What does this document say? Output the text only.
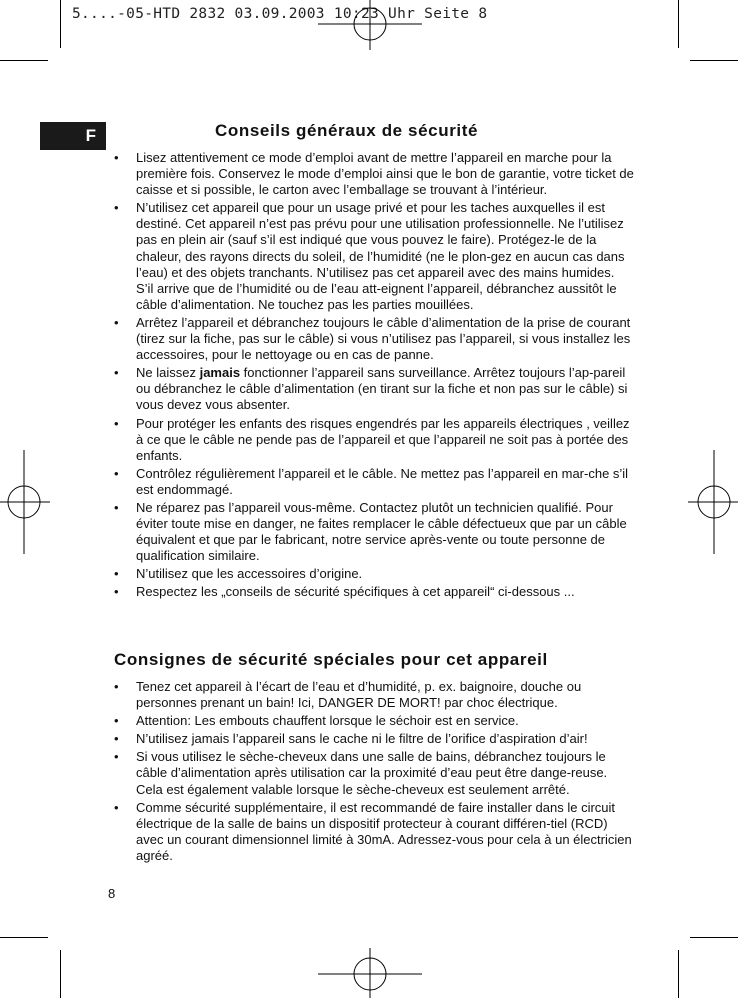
5....-05-HTD 2832 03.09.2003 10:23 Uhr Seite 8
F	Conseils généraux de sécurité
• Lisez attentivement ce mode d’emploi avant de mettre l’appareil en marche pour la première fois. Conservez le mode d’emploi ainsi que le bon de garantie, votre ticket de caisse et si possible, le carton avec l’emballage se trouvant à l’intérieur.
• N’utilisez cet appareil que pour un usage privé et pour les taches auxquelles il est destiné. Cet appareil n’est pas prévu pour une utilisation professionnelle. Ne l’utilisez pas en plein air (sauf s’il est indiqué que vous pouvez le faire). Protégez-le de la chaleur, des rayons directs du soleil, de l’humidité (ne le plon-gez en aucun cas dans l’eau) et des objets tranchants. N’utilisez pas cet appareil avec des mains humides. S’il arrive que de l’humidité ou de l’eau att-eignent l’appareil, débranchez aussitôt le câble d’alimentation. Ne touchez pas les parties mouillées.
• Arrêtez l’appareil et débranchez toujours le câble d’alimentation de la prise de courant (tirez sur la fiche, pas sur le câble) si vous n’utilisez pas l’appareil, si vous installez les accessoires, pour le nettoyage ou en cas de panne.
• Ne laissez jamais fonctionner l’appareil sans surveillance. Arrêtez toujours l’ap-pareil ou débranchez le câble d’alimentation (en tirant sur la fiche et non pas sur le câble) si vous devez vous absenter.
• Pour protéger les enfants des risques engendrés par les appareils électriques , veillez à ce que le câble ne pende pas de l’appareil et que l’appareil ne soit pas à portée des enfants.
• Contrôlez régulièrement l’appareil et le câble. Ne mettez pas l’appareil en mar-che s’il est endommagé.
• Ne réparez pas l’appareil vous-même. Contactez plutôt un technicien qualifié. Pour éviter toute mise en danger, ne faites remplacer le câble défectueux que par un câble équivalent et que par le fabricant, notre service après-vente ou toute personne de qualification similaire.
• N’utilisez que les accessoires d’origine.
• Respectez les „conseils de sécurité spécifiques à cet appareil“ ci-dessous ...
Consignes de sécurité spéciales pour cet appareil
• Tenez cet appareil à l’écart de l’eau et d’humidité, p. ex. baignoire, douche ou personnes prenant un bain! Ici, DANGER DE MORT! par choc électrique.
• Attention: Les embouts chauffent lorsque le séchoir est en service.
• N’utilisez jamais l’appareil sans le cache ni le filtre de l’orifice d’aspiration d’air!
• Si vous utilisez le sèche-cheveux dans une salle de bains, débranchez toujours le câble d’alimentation après utilisation car la proximité d’eau peut être dange-reuse. Cela est également valable lorsque le sèche-cheveux est seulement arrêté.
• Comme sécurité supplémentaire, il est recommandé de faire installer dans le circuit électrique de la salle de bains un dispositif protecteur à courant différen-tiel (RCD) avec un courant dimensionnel limité à 30mA. Adressez-vous pour cela à un électricien agréé.
8
